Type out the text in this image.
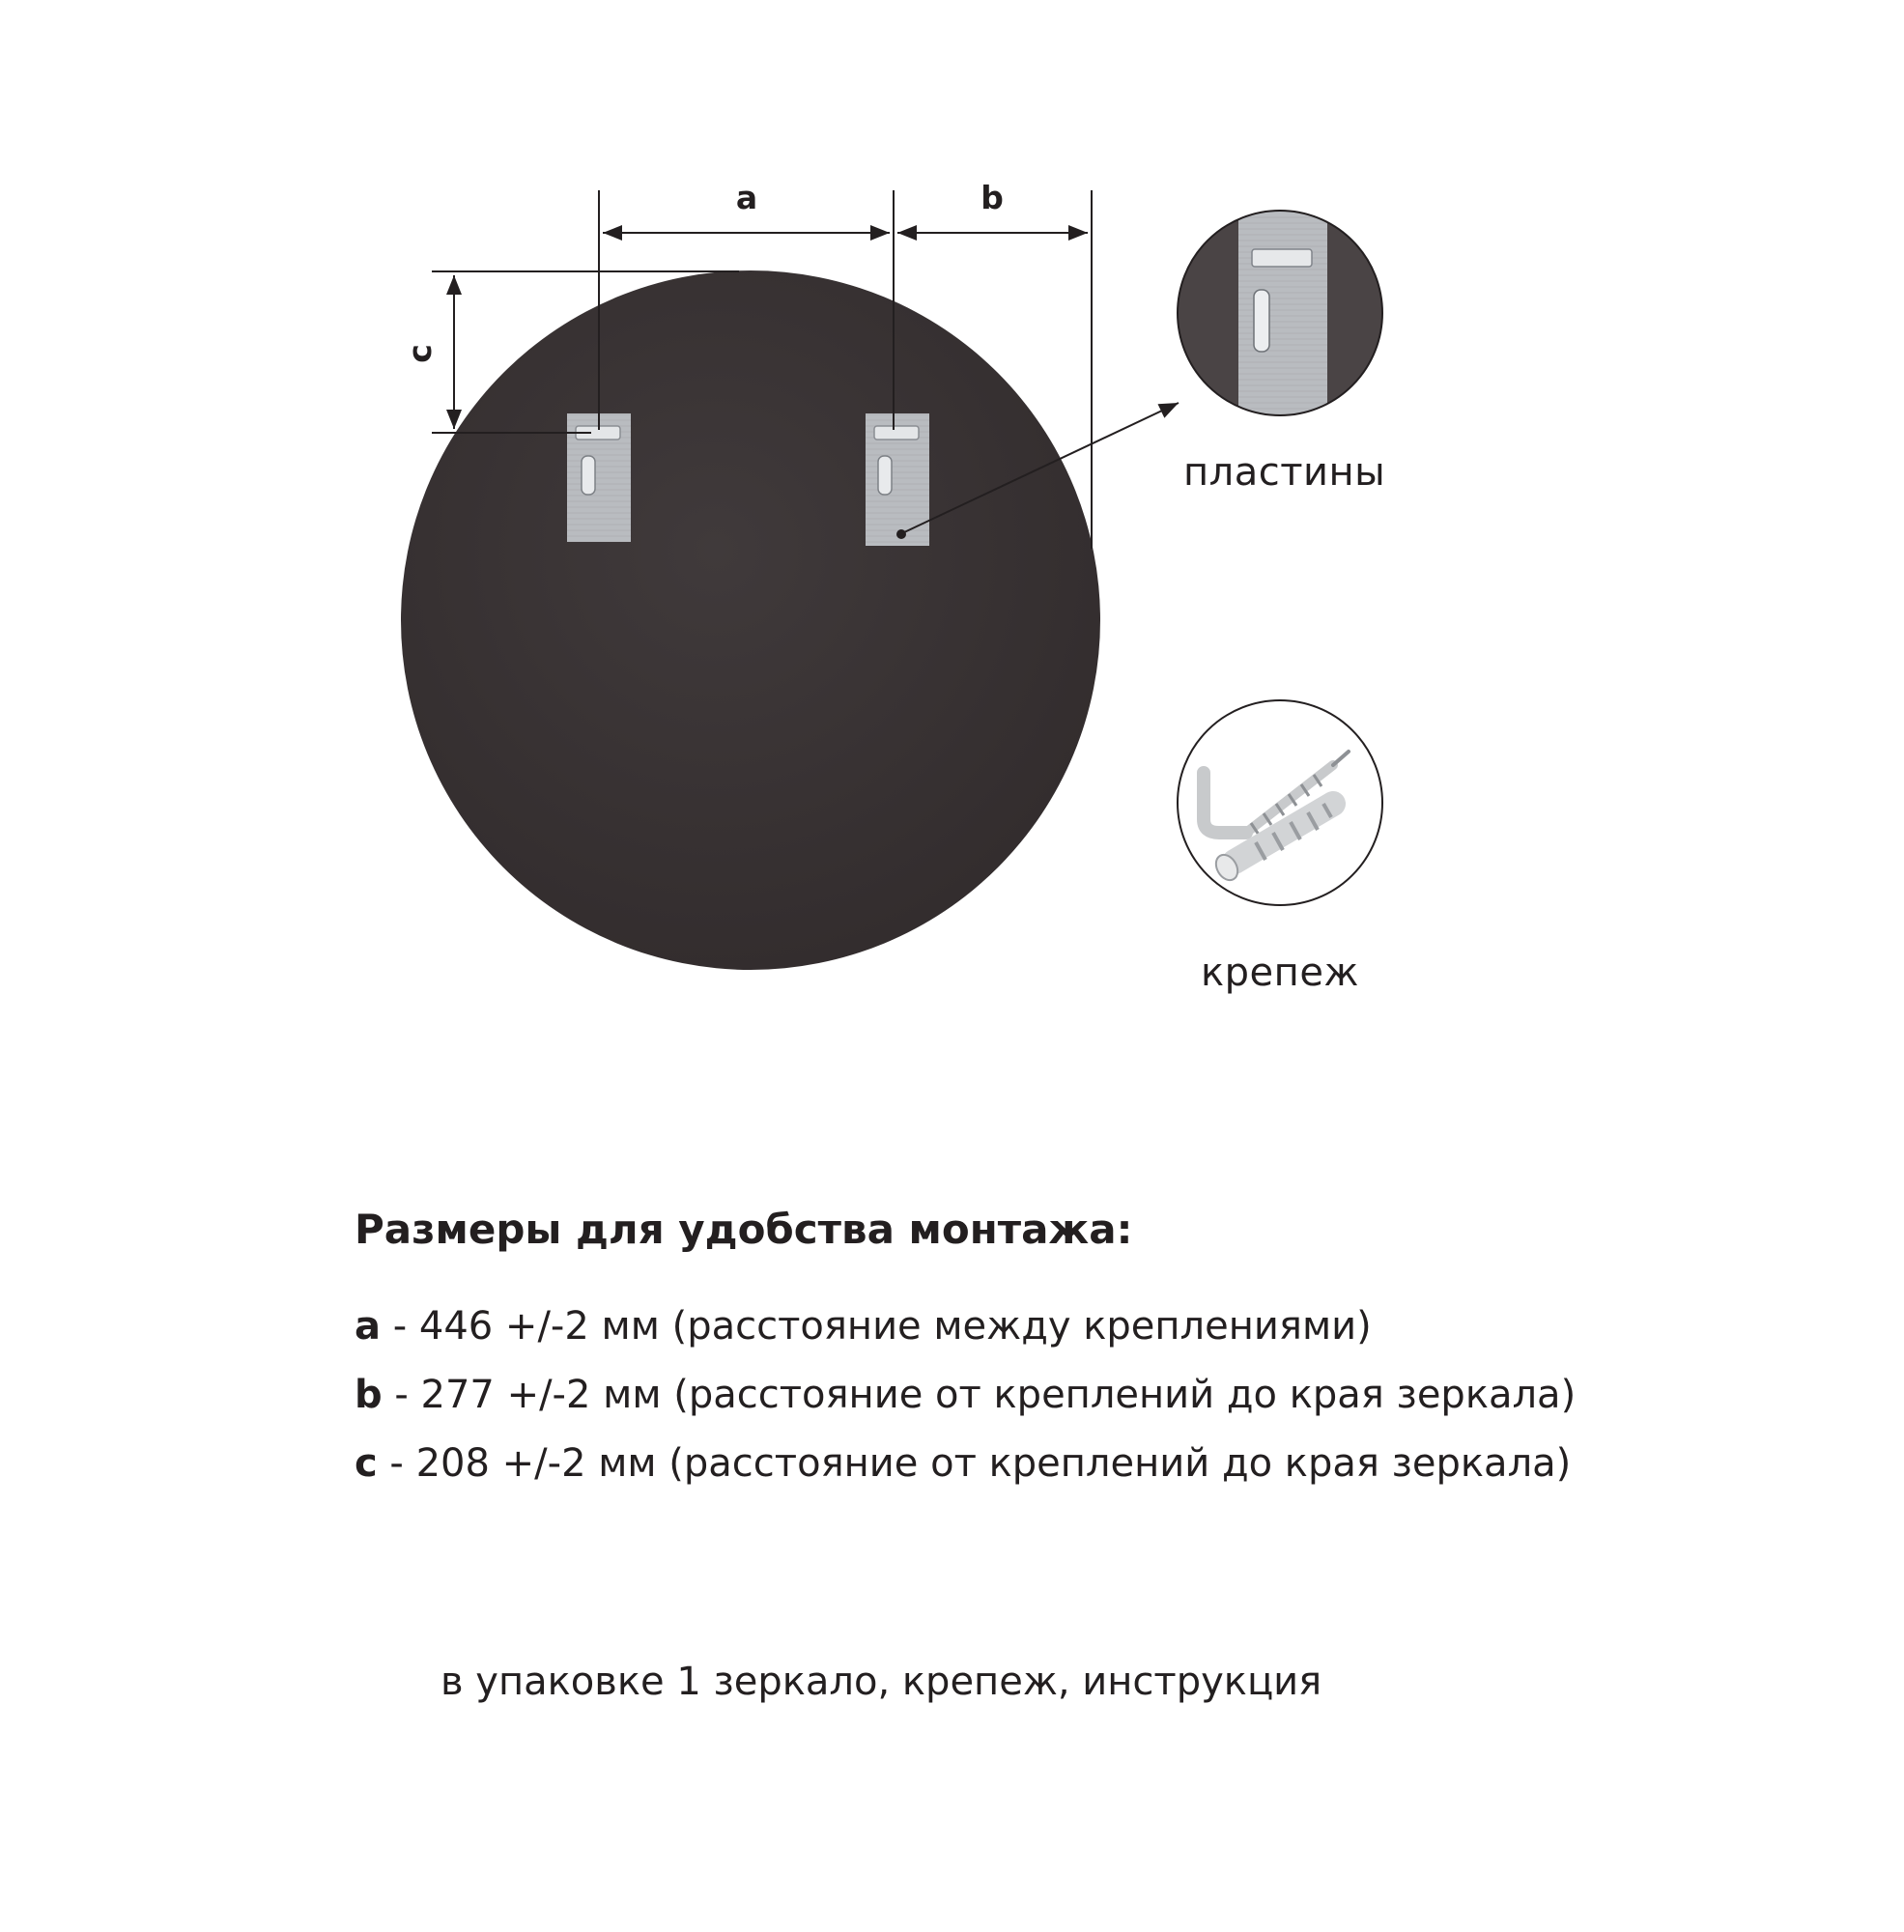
a	b
c
пластины
крепеж
Размеры для удобства монтажа:
a - 446 +/-2 мм (расстояние между креплениями)
b - 277 +/-2 мм (расстояние от креплений до края зеркала)
c - 208 +/-2 мм (расстояние от креплений до края зеркала)
в упаковке 1 зеркало, крепеж, инструкция
